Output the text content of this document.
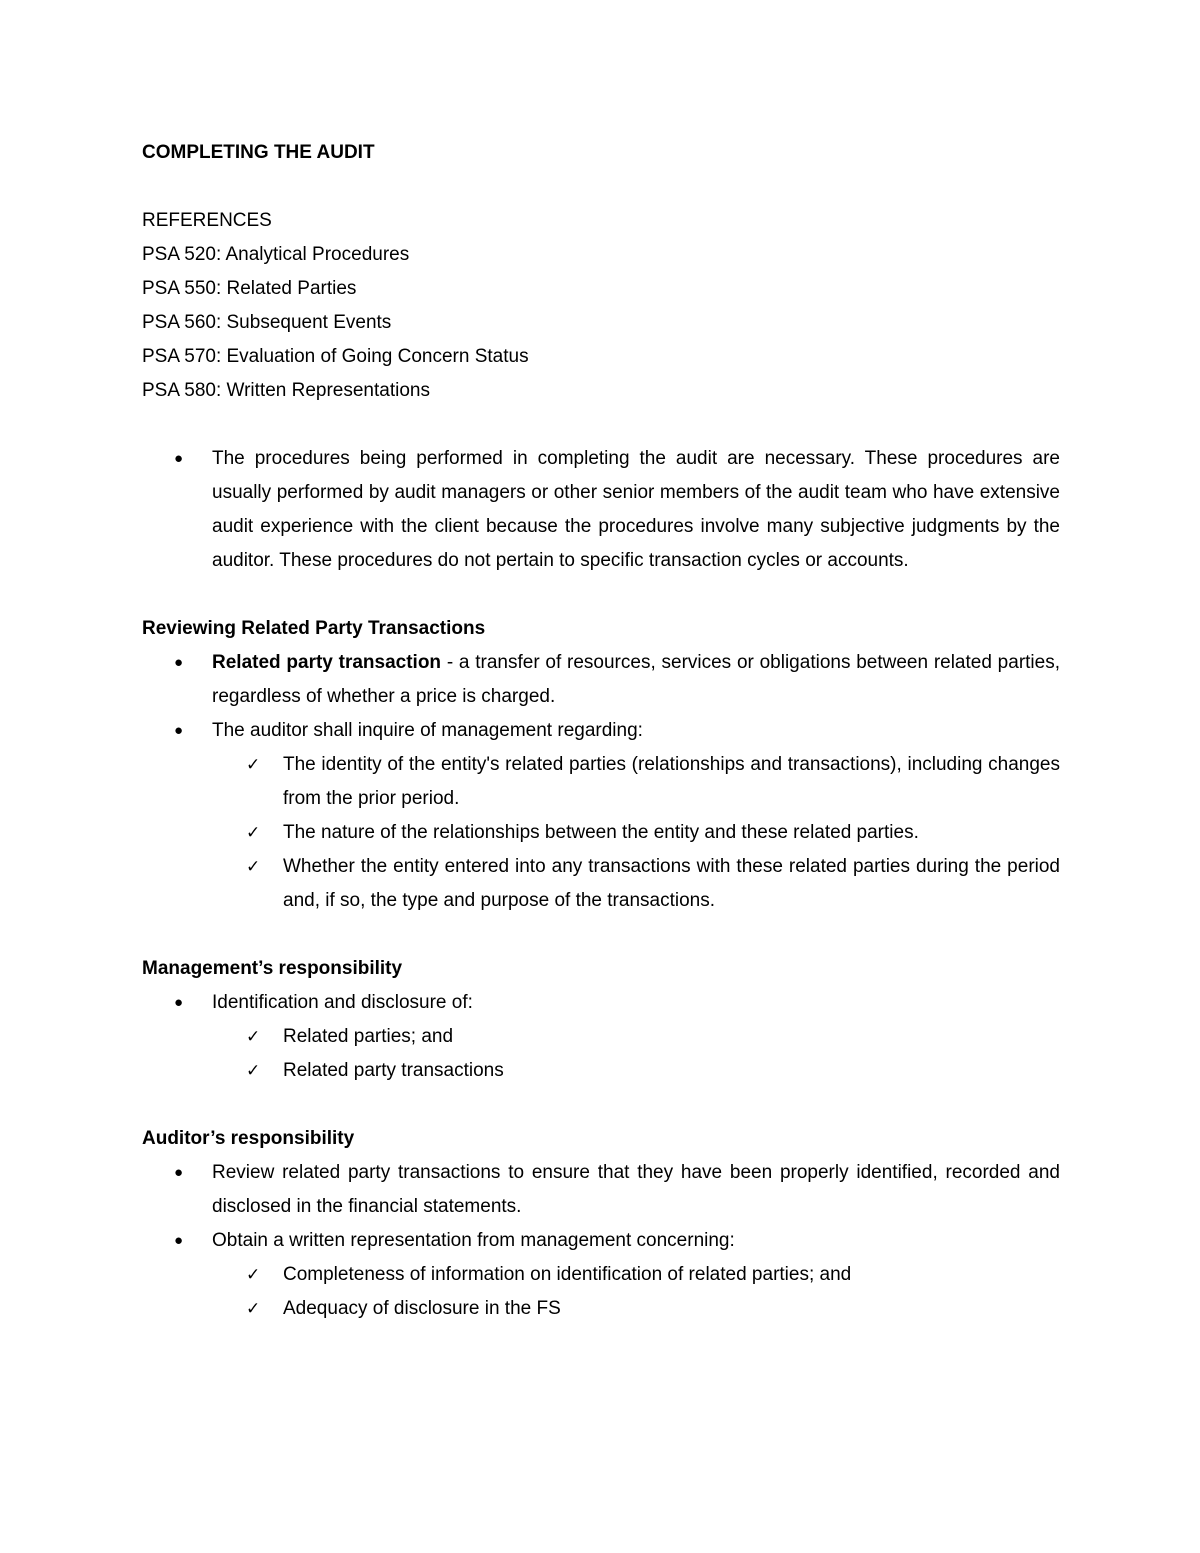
COMPLETING THE AUDIT
REFERENCES
PSA 520: Analytical Procedures
PSA 550: Related Parties
PSA 560: Subsequent Events
PSA 570: Evaluation of Going Concern Status
PSA 580: Written Representations
● The procedures being performed in completing the audit are necessary. These procedures are usually performed by audit managers or other senior members of the audit team who have extensive audit experience with the client because the procedures involve many subjective judgments by the auditor. These procedures do not pertain to specific transaction cycles or accounts.
Reviewing Related Party Transactions
● Related party transaction - a transfer of resources, services or obligations between related parties, regardless of whether a price is charged.
● The auditor shall inquire of management regarding:
✓ The identity of the entity's related parties (relationships and transactions), including changes from the prior period.
✓ The nature of the relationships between the entity and these related parties.
✓ Whether the entity entered into any transactions with these related parties during the period and, if so, the type and purpose of the transactions.
Management’s responsibility
● Identification and disclosure of:
✓ Related parties; and
✓ Related party transactions
Auditor’s responsibility
● Review related party transactions to ensure that they have been properly identified, recorded and disclosed in the financial statements.
● Obtain a written representation from management concerning:
✓ Completeness of information on identification of related parties; and
✓ Adequacy of disclosure in the FS
